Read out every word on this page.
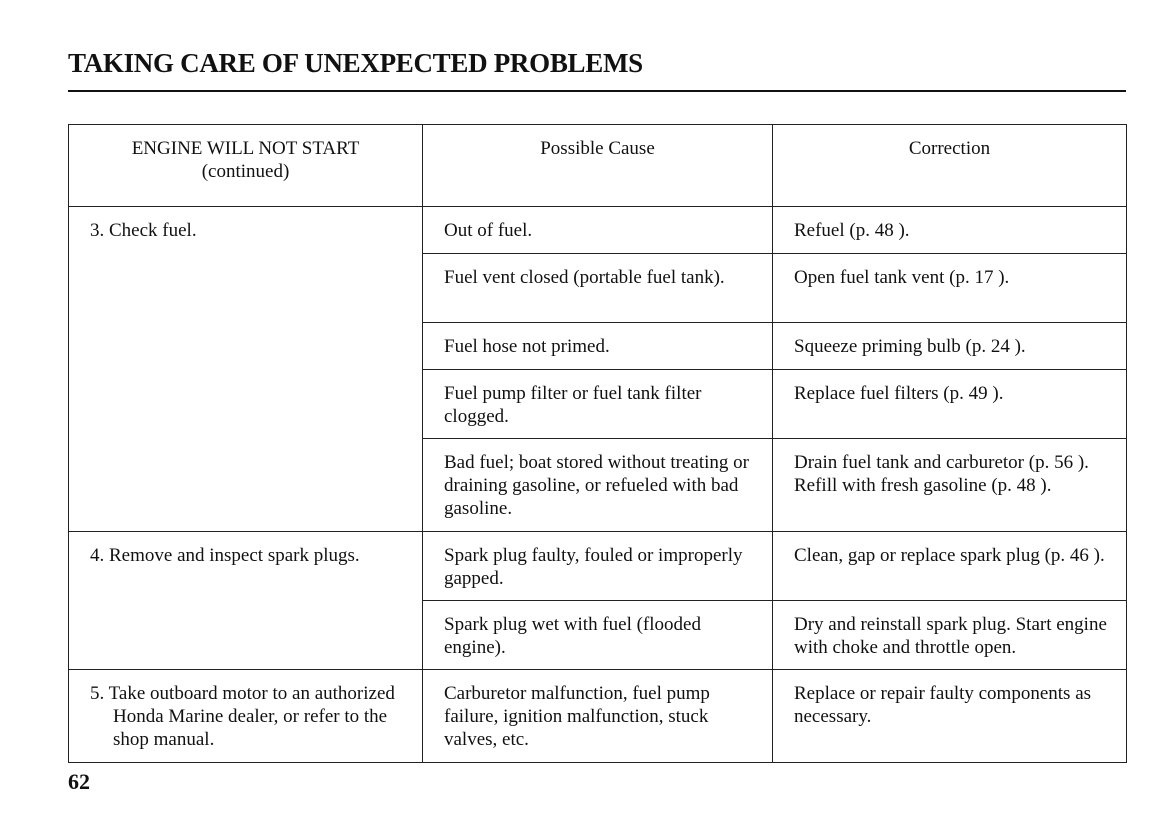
TAKING CARE OF UNEXPECTED PROBLEMS
ENGINE WILL NOT START
(continued)	Possible Cause	Correction

3. Check fuel.	Out of fuel.	Refuel (p. 48 ).
	Fuel vent closed (portable fuel tank).	Open fuel tank vent (p. 17 ).
	Fuel hose not primed.	Squeeze priming bulb (p. 24 ).
	Fuel pump filter or fuel tank filter clogged.	Replace fuel filters (p. 49 ).
	Bad fuel; boat stored without treating or draining gasoline, or refueled with bad gasoline.	Drain fuel tank and carburetor (p. 56 ). Refill with fresh gasoline (p. 48 ).

4. Remove and inspect spark plugs.	Spark plug faulty, fouled or improperly gapped.	Clean, gap or replace spark plug (p. 46 ).
	Spark plug wet with fuel (flooded engine).	Dry and reinstall spark plug. Start engine with choke and throttle open.

5. Take outboard motor to an authorized Honda Marine dealer, or refer to the shop manual.	Carburetor malfunction, fuel pump failure, ignition malfunction, stuck valves, etc.	Replace or repair faulty components as necessary.
62
